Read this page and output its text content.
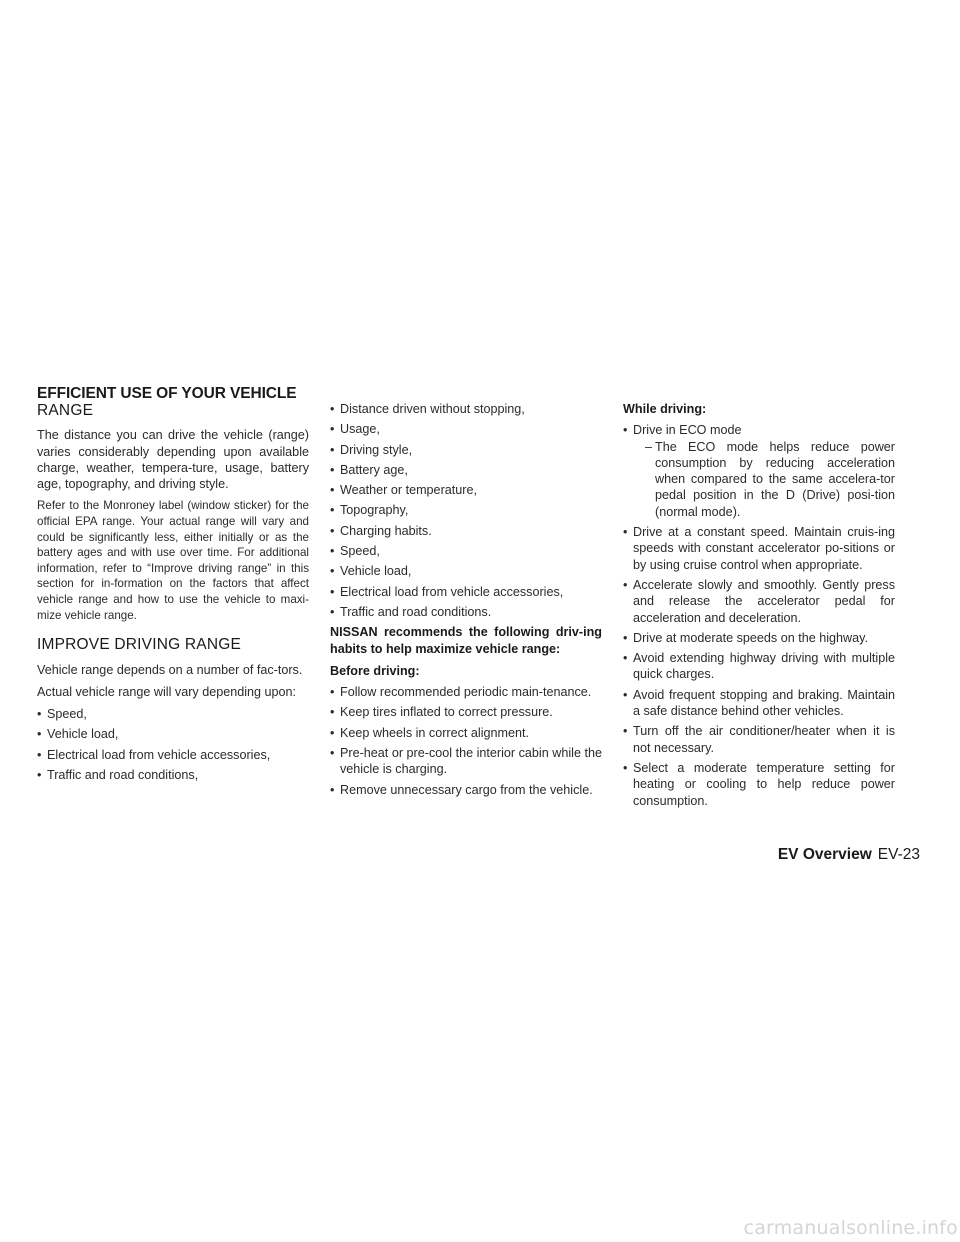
EFFICIENT USE OF YOUR VEHICLE
RANGE

The distance you can drive the vehicle (range) varies considerably depending upon available charge, weather, tempera-ture, usage, battery age, topography, and driving style.

Refer to the Monroney label (window sticker) for the official EPA range. Your actual range will vary and could be significantly less, either initially or as the battery ages and with use over time. For additional information, refer to “Improve driving range” in this section for in-formation on the factors that affect vehicle range and how to use the vehicle to maxi-mize vehicle range.

IMPROVE DRIVING RANGE

Vehicle range depends on a number of fac-tors.

Actual vehicle range will vary depending upon:

• Speed,
• Vehicle load,
• Electrical load from vehicle accessories,
• Traffic and road conditions,
• Distance driven without stopping,
• Usage,
• Driving style,
• Battery age,
• Weather or temperature,
• Topography,
• Charging habits.
• Speed,
• Vehicle load,
• Electrical load from vehicle accessories,
• Traffic and road conditions.

NISSAN recommends the following driv-ing habits to help maximize vehicle range:

Before driving:

• Follow recommended periodic main-tenance.
• Keep tires inflated to correct pressure.
• Keep wheels in correct alignment.
• Pre-heat or pre-cool the interior cabin while the vehicle is charging.
• Remove unnecessary cargo from the vehicle.

While driving:

• Drive in ECO mode
– The ECO mode helps reduce power consumption by reducing acceleration when compared to the same accelera-tor pedal position in the D (Drive) posi-tion (normal mode).
• Drive at a constant speed. Maintain cruis-ing speeds with constant accelerator po-sitions or by using cruise control when appropriate.
• Accelerate slowly and smoothly. Gently press and release the accelerator pedal for acceleration and deceleration.
• Drive at moderate speeds on the highway.
• Avoid extending highway driving with multiple quick charges.
• Avoid frequent stopping and braking. Maintain a safe distance behind other vehicles.
• Turn off the air conditioner/heater when it is not necessary.
• Select a moderate temperature setting for heating or cooling to help reduce power consumption.
EV Overview EV-23
carmanualsonline.info
